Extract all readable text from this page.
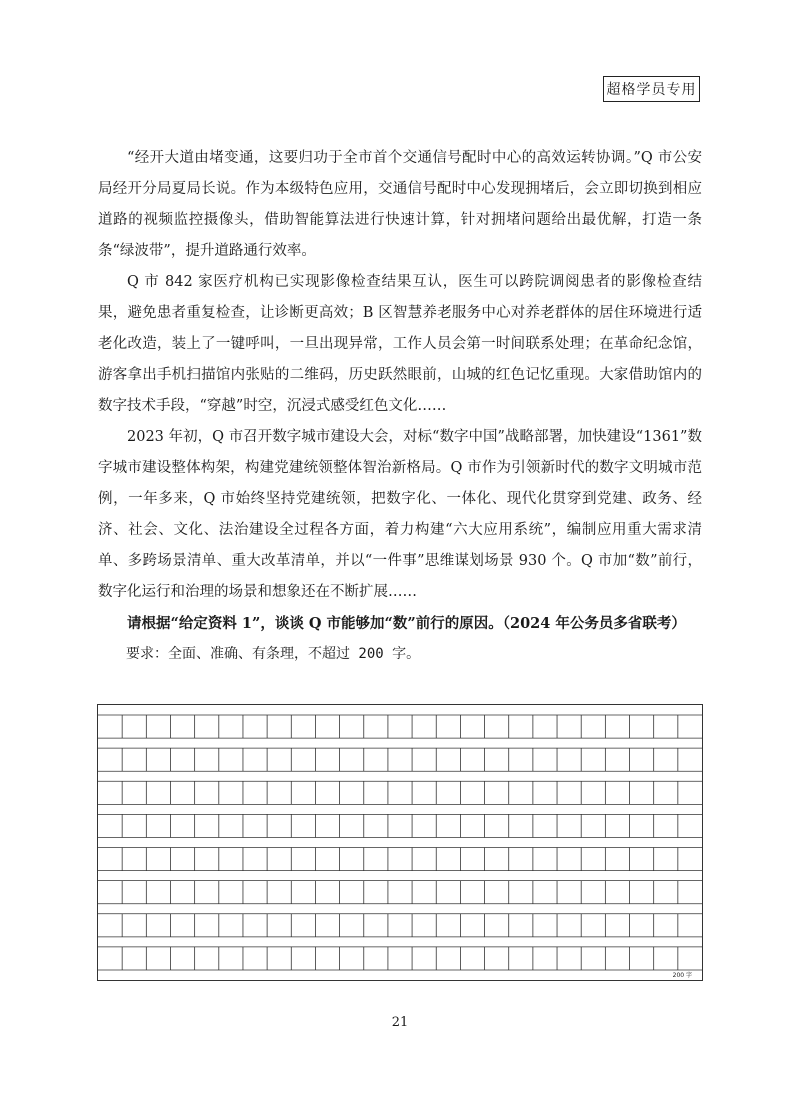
超格学员专用

“经开大道由堵变通，这要归功于全市首个交通信号配时中心的高效运转协调。”Q 市公安局经开分局夏局长说。作为本级特色应用，交通信号配时中心发现拥堵后，会立即切换到相应道路的视频监控摄像头，借助智能算法进行快速计算，针对拥堵问题给出最优解，打造一条条“绿波带”，提升道路通行效率。

Q 市 842 家医疗机构已实现影像检查结果互认，医生可以跨院调阅患者的影像检查结果，避免患者重复检查，让诊断更高效；B 区智慧养老服务中心对养老群体的居住环境进行适老化改造，装上了一键呼叫，一旦出现异常，工作人员会第一时间联系处理；在革命纪念馆，游客拿出手机扫描馆内张贴的二维码，历史跃然眼前，山城的红色记忆重现。大家借助馆内的数字技术手段，“穿越”时空，沉浸式感受红色文化……

2023 年初，Q 市召开数字城市建设大会，对标“数字中国”战略部署，加快建设“1361”数字城市建设整体构架，构建党建统领整体智治新格局。Q 市作为引领新时代的数字文明城市范例，一年多来，Q 市始终坚持党建统领，把数字化、一体化、现代化贯穿到党建、政务、经济、社会、文化、法治建设全过程各方面，着力构建“六大应用系统”，编制应用重大需求清单、多跨场景清单、重大改革清单，并以“一件事”思维谋划场景 930 个。Q 市加“数”前行，数字化运行和治理的场景和想象还在不断扩展……

请根据“给定资料 1”，谈谈 Q 市能够加“数”前行的原因。（2024 年公务员多省联考）

要求：全面、准确、有条理，不超过 200 字。

200 字
21
